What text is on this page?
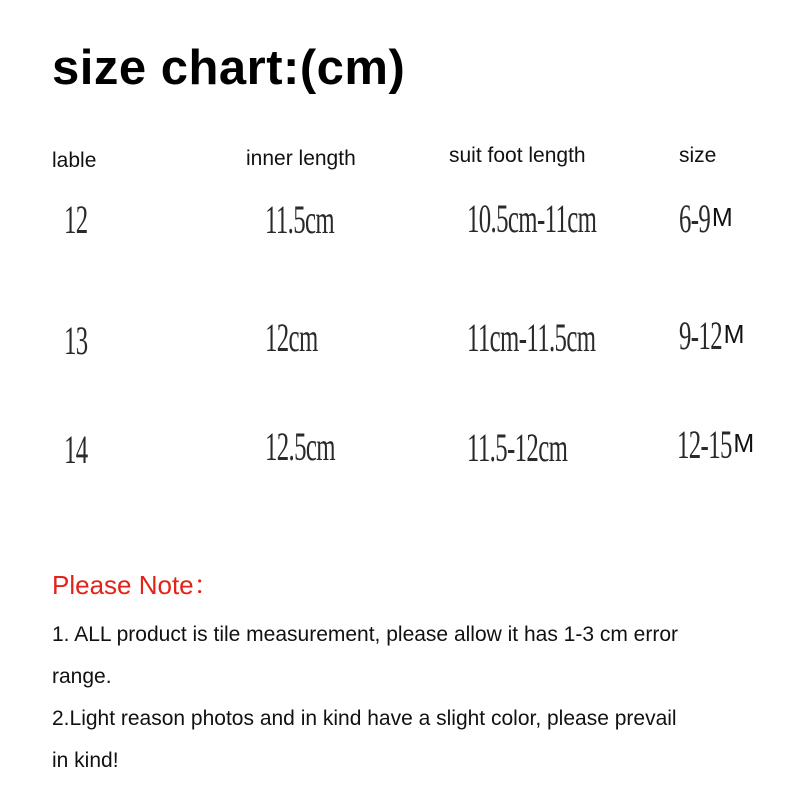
size chart:(cm)
lable	inner length	suit foot length	size
12	11.5cm	10.5cm-11cm 6-9M
13	12cm	11cm-11.5cm 9-12M
14	12.5cm	11.5-12cm	12-15M
Please Note：
1. ALL product is tile measurement, please allow it has 1-3 cm error
range.
2.Light reason photos and in kind have a slight color, please prevail
in kind!
